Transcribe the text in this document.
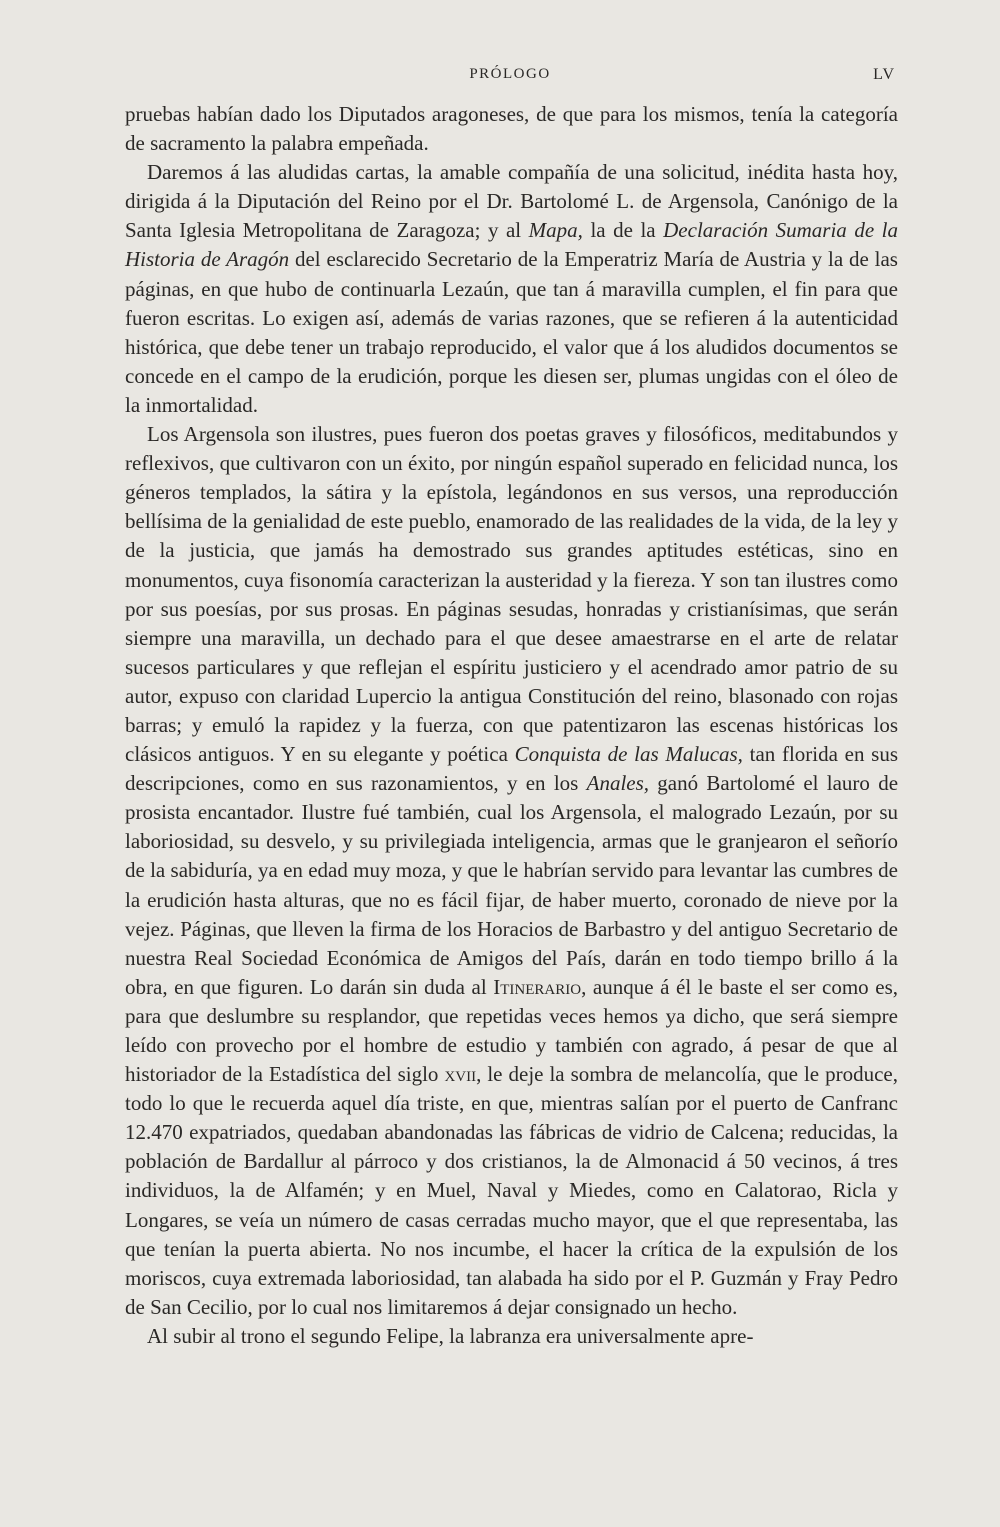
PRÓLOGO	LV

pruebas habían dado los Diputados aragoneses, de que para los mismos, tenía la categoría de sacramento la palabra empeñada.

Daremos á las aludidas cartas, la amable compañía de una solicitud, inédita hasta hoy, dirigida á la Diputación del Reino por el Dr. Bartolomé L. de Argensola, Canónigo de la Santa Iglesia Metropolitana de Zaragoza; y al Mapa, la de la Declaración Sumaria de la Historia de Aragón del esclarecido Secretario de la Emperatriz María de Austria y la de las páginas, en que hubo de continuarla Lezaún, que tan á maravilla cumplen, el fin para que fueron escritas. Lo exigen así, además de varias razones, que se refieren á la autenticidad histórica, que debe tener un trabajo reproducido, el valor que á los aludidos documentos se concede en el campo de la erudición, porque les diesen ser, plumas ungidas con el óleo de la inmortalidad.

Los Argensola son ilustres, pues fueron dos poetas graves y filosóficos, meditabundos y reflexivos, que cultivaron con un éxito, por ningún español superado en felicidad nunca, los géneros templados, la sátira y la epístola, legándonos en sus versos, una reproducción bellísima de la genialidad de este pueblo, enamorado de las realidades de la vida, de la ley y de la justicia, que jamás ha demostrado sus grandes aptitudes estéticas, sino en monumentos, cuya fisonomía caracterizan la austeridad y la fiereza. Y son tan ilustres como por sus poesías, por sus prosas. En páginas sesudas, honradas y cristianísimas, que serán siempre una maravilla, un dechado para el que desee amaestrarse en el arte de relatar sucesos particulares y que reflejan el espíritu justiciero y el acendrado amor patrio de su autor, expuso con claridad Lupercio la antigua Constitución del reino, blasonado con rojas barras; y emuló la rapidez y la fuerza, con que patentizaron las escenas históricas los clásicos antiguos. Y en su elegante y poética Conquista de las Malucas, tan florida en sus descripciones, como en sus razonamientos, y en los Anales, ganó Bartolomé el lauro de prosista encantador. Ilustre fué también, cual los Argensola, el malogrado Lezaún, por su laboriosidad, su desvelo, y su privilegiada inteligencia, armas que le granjearon el señorío de la sabiduría, ya en edad muy moza, y que le habrían servido para levantar las cumbres de la erudición hasta alturas, que no es fácil fijar, de haber muerto, coronado de nieve por la vejez. Páginas, que lleven la firma de los Horacios de Barbastro y del antiguo Secretario de nuestra Real Sociedad Económica de Amigos del País, darán en todo tiempo brillo á la obra, en que figuren. Lo darán sin duda al Itinerario, aunque á él le baste el ser como es, para que deslumbre su resplandor, que repetidas veces hemos ya dicho, que será siempre leído con provecho por el hombre de estudio y también con agrado, á pesar de que al historiador de la Estadística del siglo xvii, le deje la sombra de melancolía, que le produce, todo lo que le recuerda aquel día triste, en que, mientras salían por el puerto de Canfranc 12.470 expatriados, quedaban abandonadas las fábricas de vidrio de Calcena; reducidas, la población de Bardallur al párroco y dos cristianos, la de Almonacid á 50 vecinos, á tres individuos, la de Alfamén; y en Muel, Naval y Miedes, como en Calatorao, Ricla y Longares, se veía un número de casas cerradas mucho mayor, que el que representaba, las que tenían la puerta abierta. No nos incumbe, el hacer la crítica de la expulsión de los moriscos, cuya extremada laboriosidad, tan alabada ha sido por el P. Guzmán y Fray Pedro de San Cecilio, por lo cual nos limitaremos á dejar consignado un hecho.

Al subir al trono el segundo Felipe, la labranza era universalmente apre-
